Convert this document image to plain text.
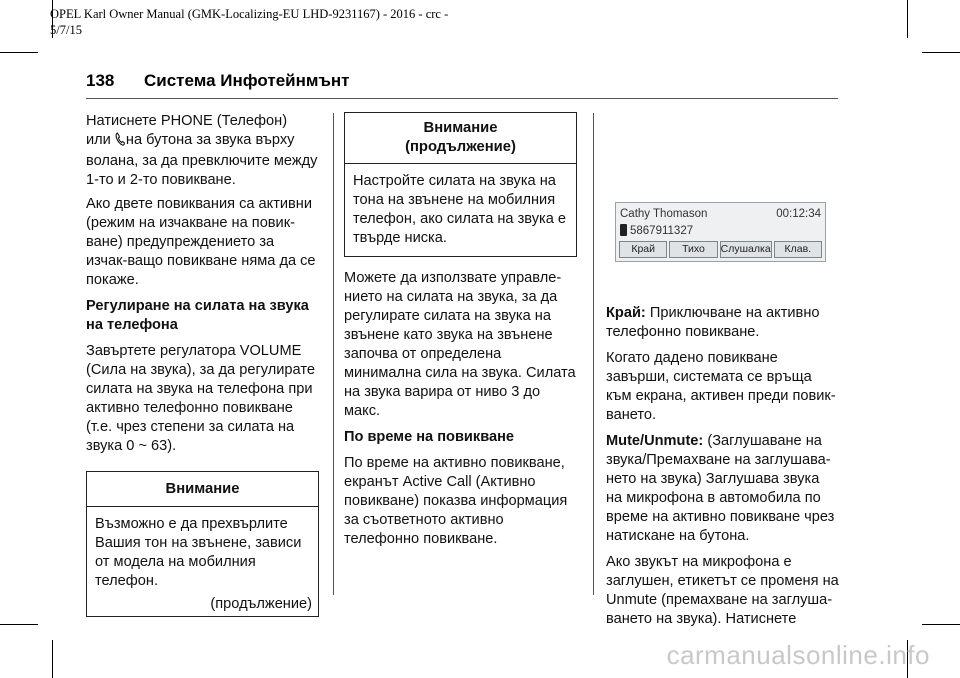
OPEL Karl Owner Manual (GMK-Localizing-EU LHD-9231167) - 2016 - crc -
5/7/15
138 Система Инфотейнмънт

Натиснете PHONE (Телефон)
или на бутона за звука върху волана, за да превключите между 1-то и 2-то повикване.

Ако двете повиквания са активни (режим на изчакване на повик-ване) предупреждението за изчак-ващо повикване няма да се покаже.

Регулиране на силата на звука на телефона

Завъртете регулатора VOLUME (Сила на звука), за да регулирате силата на звука на телефона при активно телефонно повикване (т.е. чрез степени за силата на звука 0 ~ 63).

Внимание
Възможно е да прехвърлите Вашия тон на звънене, зависи от модела на мобилния телефон.
(продължение)
Внимание
(продължение)
Настройте силата на звука на тона на звънене на мобилния телефон, ако силата на звука е твърде ниска.

Можете да използвате управле-нието на силата на звука, за да регулирате силата на звука на звънене като звука на звънене започва от определена минимална сила на звука. Силата на звука варира от ниво 3 до макс.

По време на повикване

По време на активно повикване, екранът Active Call (Активно повикване) показва информация за съответното активно телефонно повикване.

Cathy Thomason	00:12:34
5867911327
Край	Тихо	Слушалка	Клав.

Край: Приключване на активно телефонно повикване.

Когато дадено повикване завърши, системата се връща към екрана, активен преди повик-ването.

Mute/Unmute: (Заглушаване на звука/Премахване на заглушава-нето на звука) Заглушава звука на микрофона в автомобила по време на активно повикване чрез натискане на бутона.

Ако звукът на микрофона е заглушен, етикетът се променя на Unmute (премахване на заглуша-ването на звука). Натиснете

carmanualsonline.info
